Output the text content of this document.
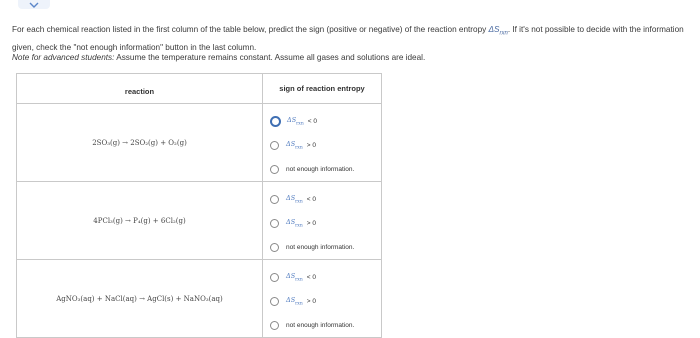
For each chemical reaction listed in the first column of the table below, predict the sign (positive or negative) of the reaction entropy $\Delta S_{rxn}$. If it's not possible to decide with the information given, check the "not enough information" button in the last column.

Note for advanced students: Assume the temperature remains constant. Assume all gases and solutions are ideal.

reaction	sign of reaction entropy
2SO₃(g) → 2SO₂(g) + O₂(g)	$\Delta S_{rxn} < 0$
$\Delta S_{rxn} > 0$
not enough information.

4PCl₃(g) → P₄(g) + 6Cl₂(g)	$\Delta S_{rxn} < 0$
$\Delta S_{rxn} > 0$
not enough information.

AgNO₃(aq) + NaCl(aq) → AgCl(s) + NaNO₃(aq)	$\Delta S_{rxn} < 0$
$\Delta S_{rxn} > 0$
not enough information.
